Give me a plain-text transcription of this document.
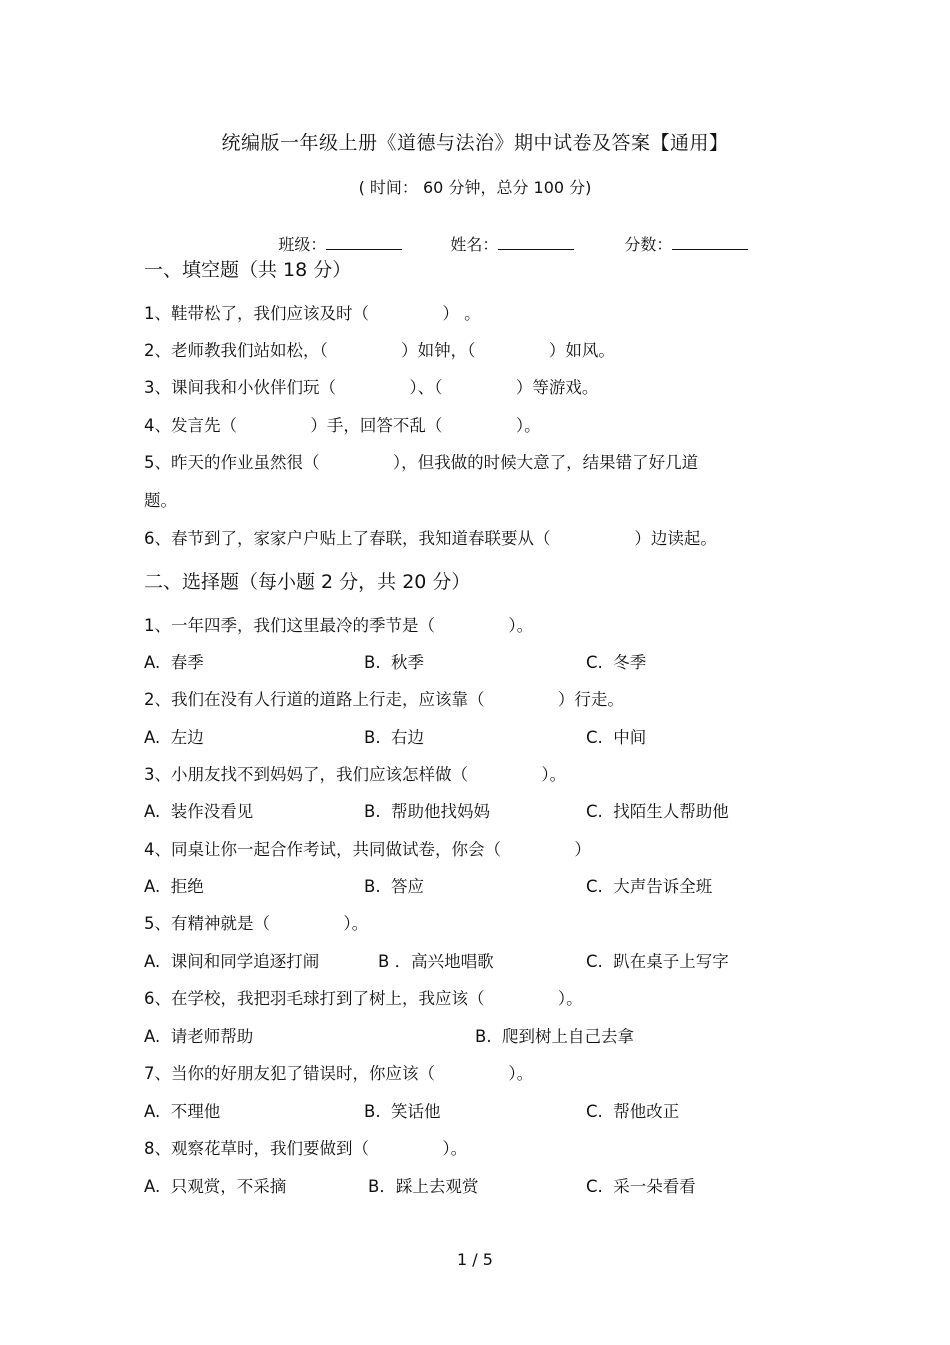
统编版一年级上册《道德与法治》期中试卷及答案【通用】
( 时间： 60 分钟，总分 100 分)

班级：
	姓名：
	分数：

一、填空题（共 18 分）
1、鞋带松了，我们应该及时（              ） 。
2、老师教我们站如松，（              ）如钟，（              ）如风。
3、课间我和小伙伴们玩（              ）、（              ）等游戏。
4、发言先（              ）手，回答不乱（              ）。
5、昨天的作业虽然很（              ），但我做的时候大意了，结果错了好几道
题。
6、春节到了，家家户户贴上了春联，我知道春联要从（                ）边读起。
二、选择题（每小题 2 分，共 20 分）
1、一年四季，我们这里最冷的季节是（              ）。
A.  春季	B.  秋季	C.  冬季
2、我们在没有人行道的道路上行走，应该靠（              ）行走。
A.  左边	B.  右边	C.  中间
3、小朋友找不到妈妈了，我们应该怎样做（              ）。
A.  装作没看见	B.  帮助他找妈妈	C.  找陌生人帮助他
4、同桌让你一起合作考试，共同做试卷，你会（              ）
A.  拒绝	B.  答应	C.  大声告诉全班
5、有精神就是（              ）。
A.  课间和同学追逐打闹	B ．高兴地唱歌	C.  趴在桌子上写字
6、在学校，我把羽毛球打到了树上，我应该（              ）。
A.  请老师帮助	B.  爬到树上自己去拿
7、当你的好朋友犯了错误时，你应该（              ）。
A.  不理他	B.  笑话他	C.  帮他改正
8、观察花草时，我们要做到（              ）。
A.  只观赏，不采摘	B．踩上去观赏	C.  采一朵看看
1 / 5
